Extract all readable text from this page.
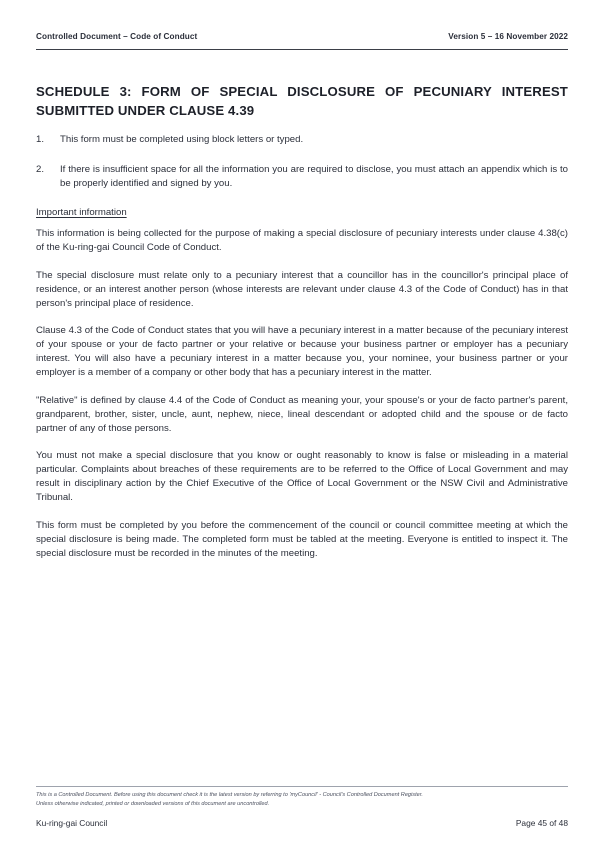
Controlled Document – Code of Conduct	Version 5 – 16 November 2022
SCHEDULE 3: FORM OF SPECIAL DISCLOSURE OF PECUNIARY INTEREST SUBMITTED UNDER CLAUSE 4.39
1.	This form must be completed using block letters or typed.
2.	If there is insufficient space for all the information you are required to disclose, you must attach an appendix which is to be properly identified and signed by you.
Important information

This information is being collected for the purpose of making a special disclosure of pecuniary interests under clause 4.38(c) of the Ku-ring-gai Council Code of Conduct.

The special disclosure must relate only to a pecuniary interest that a councillor has in the councillor's principal place of residence, or an interest another person (whose interests are relevant under clause 4.3 of the Code of Conduct) has in that person's principal place of residence.

Clause 4.3 of the Code of Conduct states that you will have a pecuniary interest in a matter because of the pecuniary interest of your spouse or your de facto partner or your relative or because your business partner or employer has a pecuniary interest. You will also have a pecuniary interest in a matter because you, your nominee, your business partner or your employer is a member of a company or other body that has a pecuniary interest in the matter.

"Relative" is defined by clause 4.4 of the Code of Conduct as meaning your, your spouse's or your de facto partner's parent, grandparent, brother, sister, uncle, aunt, nephew, niece, lineal descendant or adopted child and the spouse or de facto partner of any of those persons.

You must not make a special disclosure that you know or ought reasonably to know is false or misleading in a material particular. Complaints about breaches of these requirements are to be referred to the Office of Local Government and may result in disciplinary action by the Chief Executive of the Office of Local Government or the NSW Civil and Administrative Tribunal.

This form must be completed by you before the commencement of the council or council committee meeting at which the special disclosure is being made. The completed form must be tabled at the meeting. Everyone is entitled to inspect it. The special disclosure must be recorded in the minutes of the meeting.

This is a Controlled Document. Before using this document check it is the latest version by referring to 'myCouncil' - Council's Controlled Document Register.
Unless otherwise indicated, printed or downloaded versions of this document are uncontrolled.
Ku-ring-gai Council	Page 45 of 48
